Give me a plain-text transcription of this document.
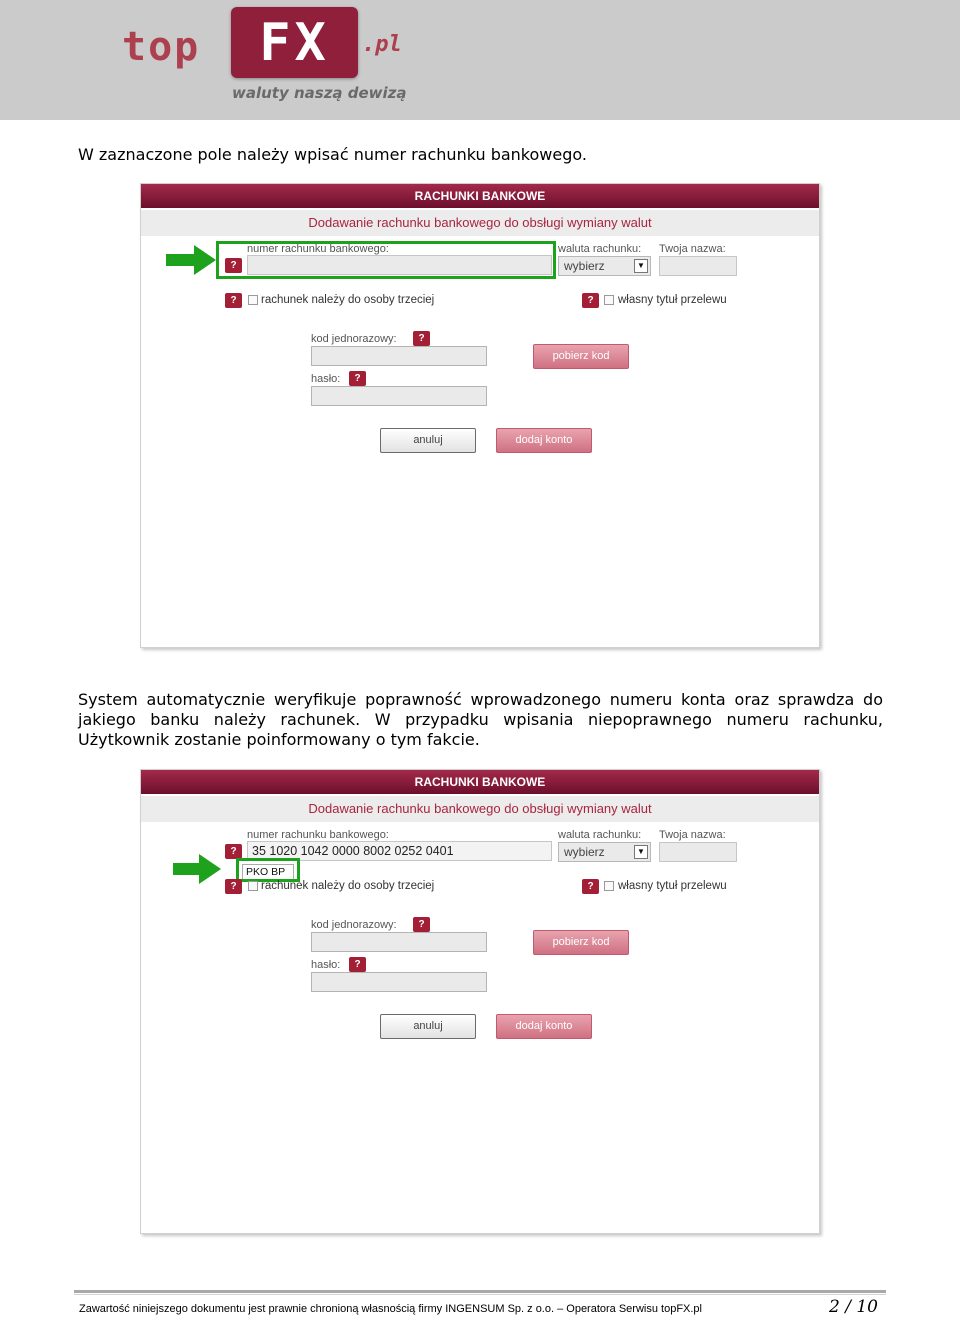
top FX .pl
waluty naszą dewizą
W zaznaczone pole należy wpisać numer rachunku bankowego.
RACHUNKI BANKOWE
Dodawanie rachunku bankowego do obsługi wymiany walut
numer rachunku bankowego:
?
waluta rachunku:
wybierz	▼
Twoja nazwa:
?	rachunek należy do osoby trzeciej	?	własny tytuł przelewu
kod jednorazowy:	?
pobierz kod
hasło:	?
anuluj	dodaj konto
System automatycznie weryfikuje poprawność wprowadzonego numeru konta oraz sprawdza do jakiego banku należy rachunek. W przypadku wpisania niepoprawnego numeru rachunku, Użytkownik zostanie poinformowany o tym fakcie.
RACHUNKI BANKOWE
Dodawanie rachunku bankowego do obsługi wymiany walut
numer rachunku bankowego:
?	35 1020 1042 0000 8002 0252 0401
PKO BP
waluta rachunku:
wybierz	▼
Twoja nazwa:
?	rachunek należy do osoby trzeciej	?	własny tytuł przelewu
kod jednorazowy:	?
pobierz kod
hasło:	?
anuluj	dodaj konto
Zawartość niniejszego dokumentu jest prawnie chronioną własnością firmy INGENSUM Sp. z o.o. – Operatora Serwisu topFX.pl	2 / 10
